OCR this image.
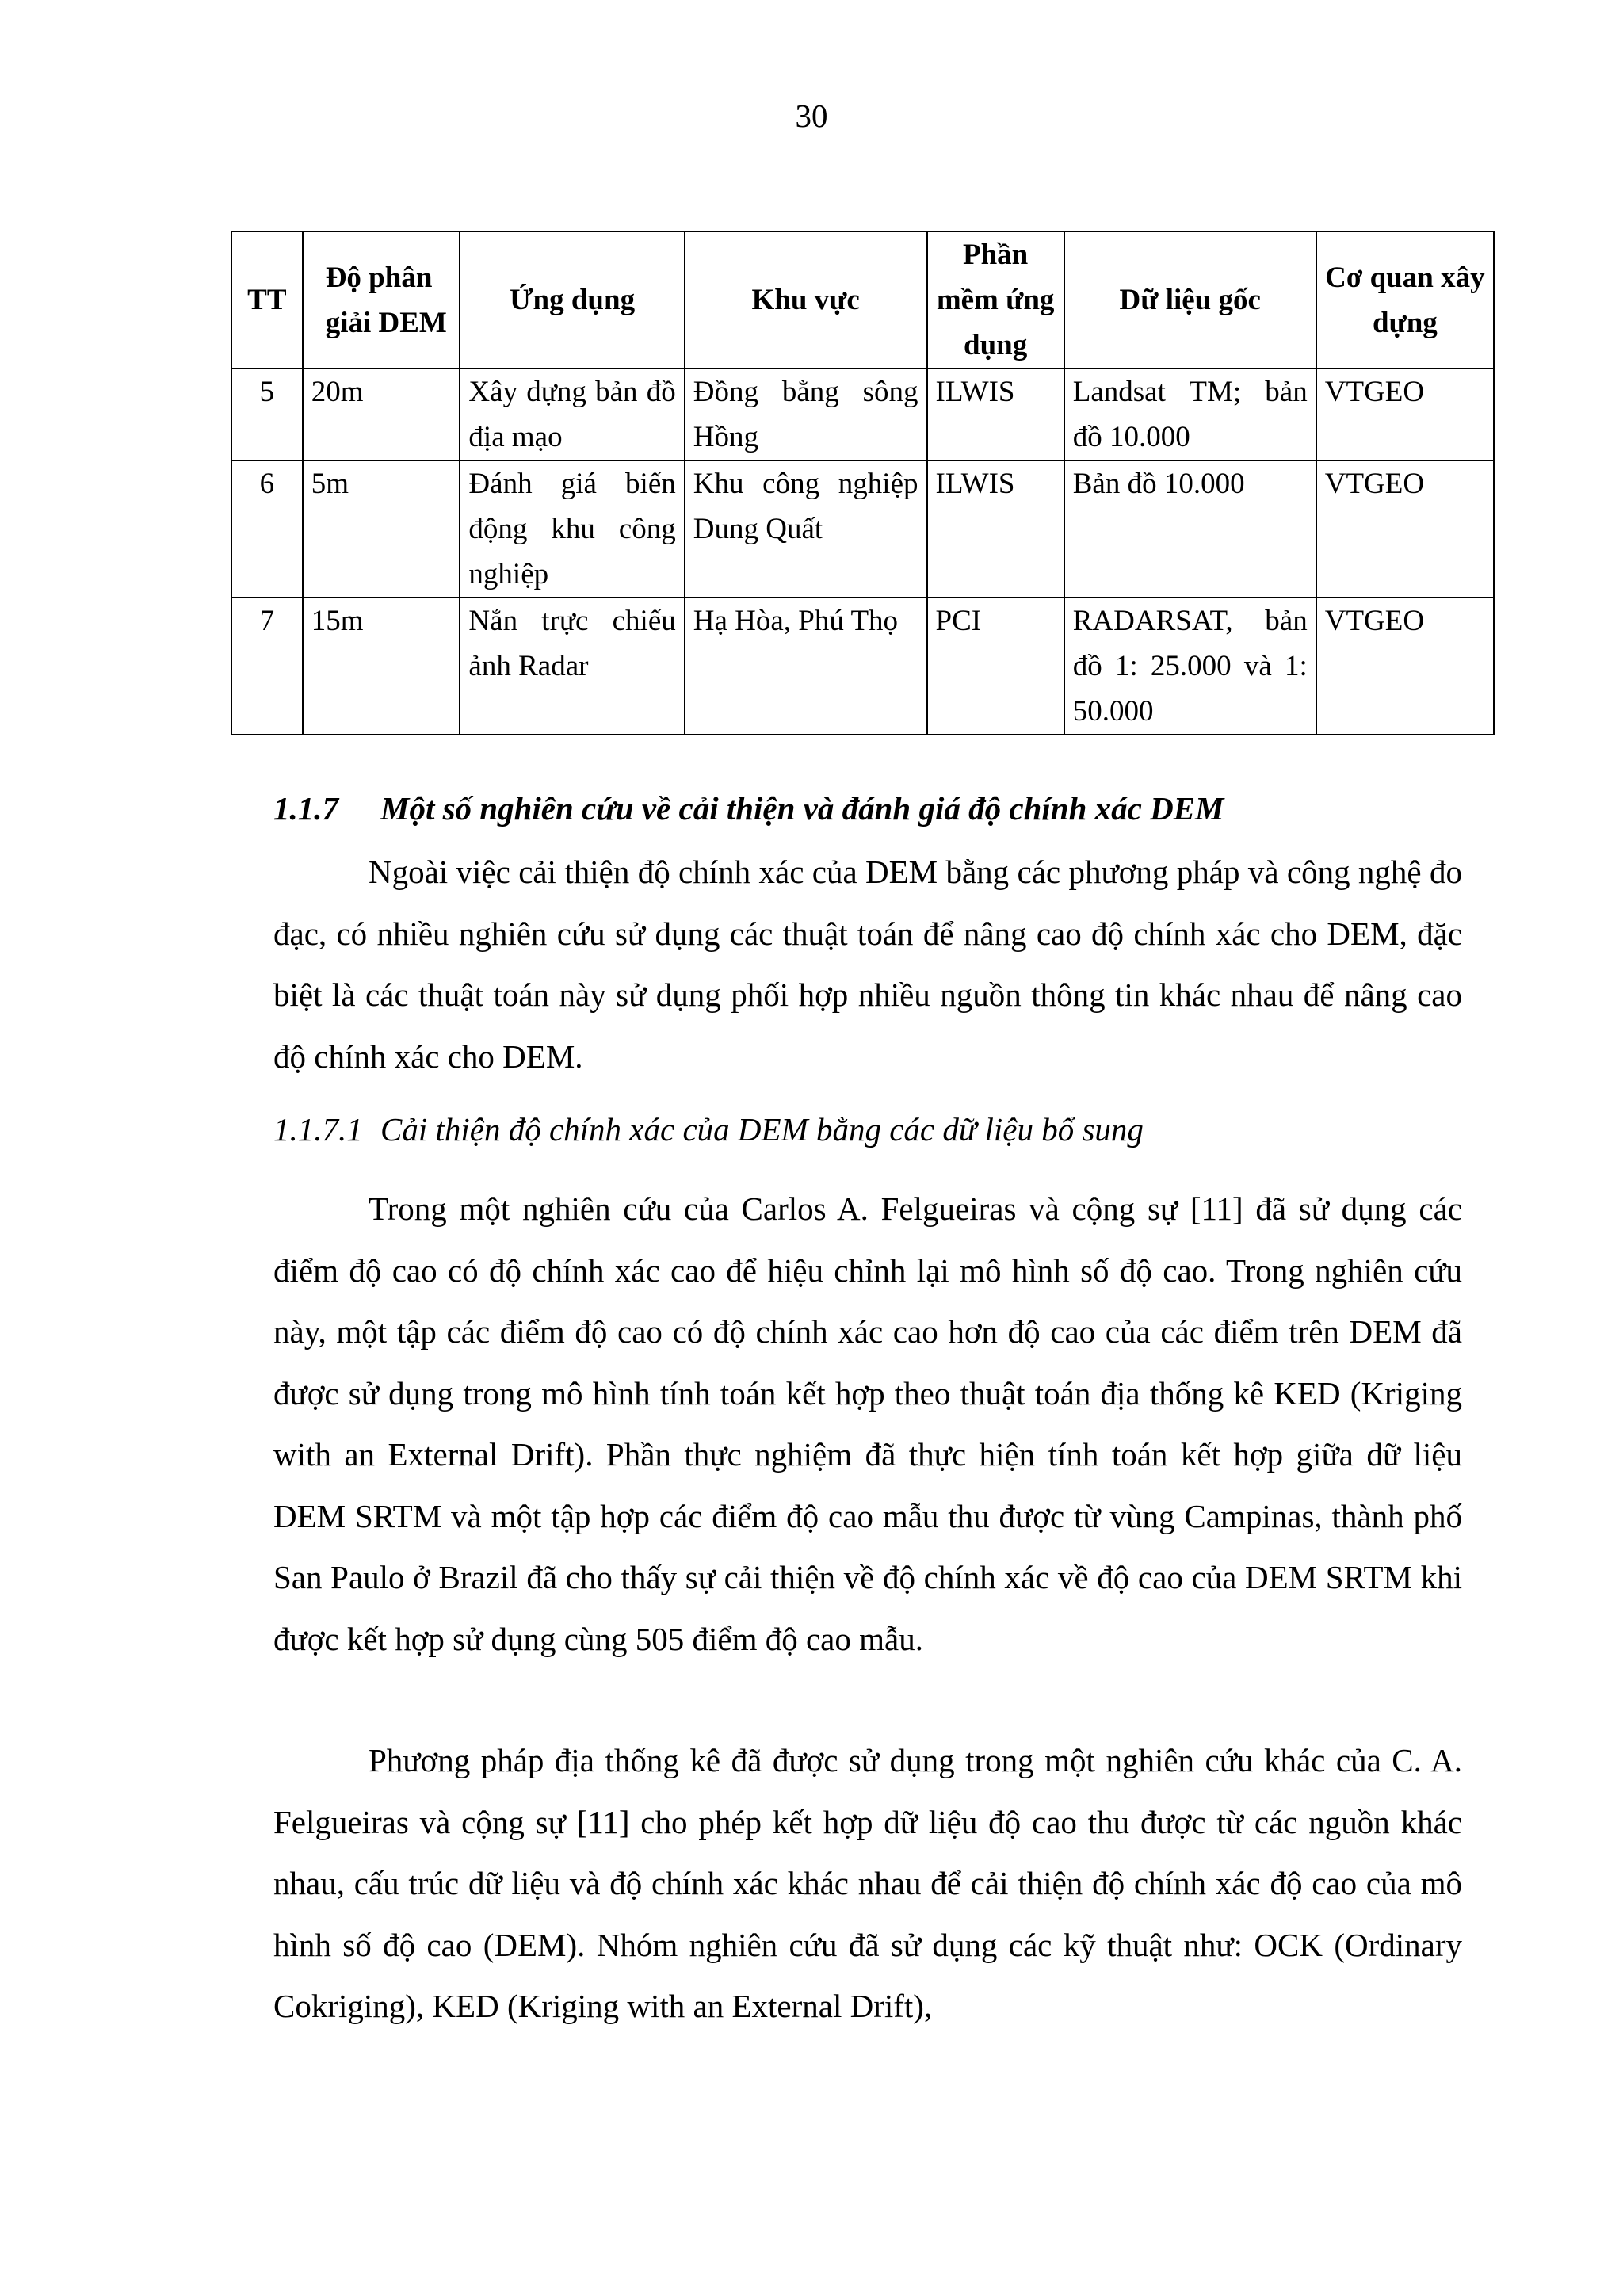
30
TT	Độ phân giải DEM	Ứng dụng	Khu vực	Phần mềm ứng dụng	Dữ liệu gốc	Cơ quan xây dựng
5	20m	Xây dựng bản đồ địa mạo	Đồng bằng sông Hồng	ILWIS	Landsat TM; bản đồ 10.000	VTGEO
6	5m	Đánh giá biến động khu công nghiệp	Khu công nghiệp Dung Quất	ILWIS	Bản đồ 10.000	VTGEO
7	15m	Nắn trực chiếu ảnh Radar	Hạ Hòa, Phú Thọ	PCI	RADARSAT, bản đồ 1: 25.000 và 1: 50.000	VTGEO
1.1.7 Một số nghiên cứu về cải thiện và đánh giá độ chính xác DEM

Ngoài việc cải thiện độ chính xác của DEM bằng các phương pháp và công nghệ đo đạc, có nhiều nghiên cứu sử dụng các thuật toán để nâng cao độ chính xác cho DEM, đặc biệt là các thuật toán này sử dụng phối hợp nhiều nguồn thông tin khác nhau để nâng cao độ chính xác cho DEM.

1.1.7.1 Cải thiện độ chính xác của DEM bằng các dữ liệu bổ sung

Trong một nghiên cứu của Carlos A. Felgueiras và cộng sự [11] đã sử dụng các điểm độ cao có độ chính xác cao để hiệu chỉnh lại mô hình số độ cao. Trong nghiên cứu này, một tập các điểm độ cao có độ chính xác cao hơn độ cao của các điểm trên DEM đã được sử dụng trong mô hình tính toán kết hợp theo thuật toán địa thống kê KED (Kriging with an External Drift). Phần thực nghiệm đã thực hiện tính toán kết hợp giữa dữ liệu DEM SRTM và một tập hợp các điểm độ cao mẫu thu được từ vùng Campinas, thành phố San Paulo ở Brazil đã cho thấy sự cải thiện về độ chính xác về độ cao của DEM SRTM khi được kết hợp sử dụng cùng 505 điểm độ cao mẫu.

Phương pháp địa thống kê đã được sử dụng trong một nghiên cứu khác của C. A. Felgueiras và cộng sự [11] cho phép kết hợp dữ liệu độ cao thu được từ các nguồn khác nhau, cấu trúc dữ liệu và độ chính xác khác nhau để cải thiện độ chính xác độ cao của mô hình số độ cao (DEM). Nhóm nghiên cứu đã sử dụng các kỹ thuật như: OCK (Ordinary Cokriging), KED (Kriging with an External Drift),
